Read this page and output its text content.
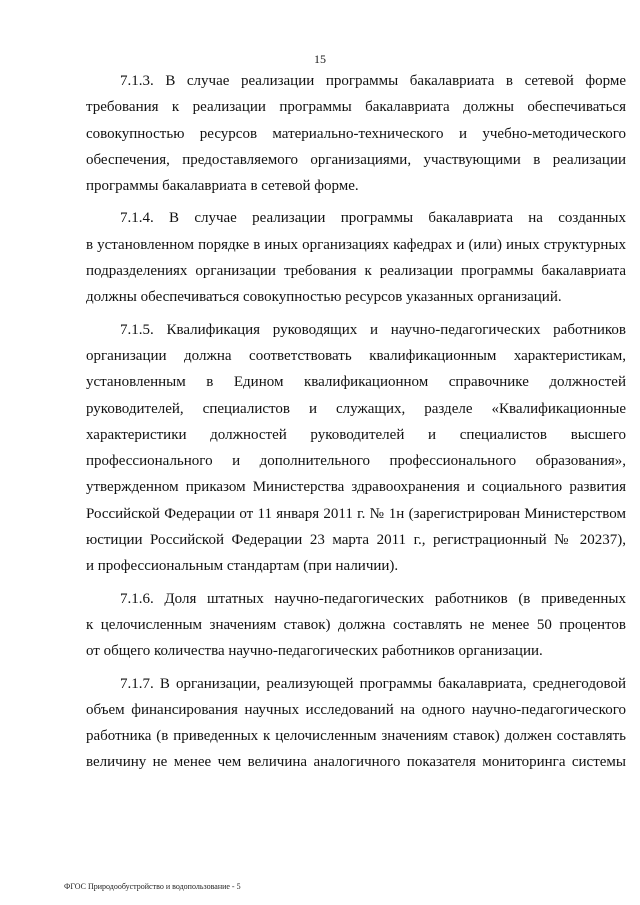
15
7.1.3. В случае реализации программы бакалавриата в сетевой форме
требования к реализации программы бакалавриата должны обеспечиваться
совокупностью ресурсов материально-технического и учебно-методического
обеспечения, предоставляемого организациями, участвующими в реализации
программы бакалавриата в сетевой форме.
7.1.4. В случае реализации программы бакалавриата на созданных
в установленном порядке в иных организациях кафедрах и (или) иных структурных
подразделениях организации требования к реализации программы бакалавриата
должны обеспечиваться совокупностью ресурсов указанных организаций.
7.1.5. Квалификация руководящих и научно-педагогических работников
организации должна соответствовать квалификационным характеристикам,
установленным в Едином квалификационном справочнике должностей
руководителей, специалистов и служащих, разделе «Квалификационные
характеристики должностей руководителей и специалистов высшего
профессионального и дополнительного профессионального образования»,
утвержденном приказом Министерства здравоохранения и социального развития
Российской Федерации от 11 января 2011 г. № 1н (зарегистрирован Министерством
юстиции Российской Федерации 23 марта 2011 г., регистрационный № 20237),
и профессиональным стандартам (при наличии).
7.1.6. Доля штатных научно-педагогических работников (в приведенных
к целочисленным значениям ставок) должна составлять не менее 50 процентов
от общего количества научно-педагогических работников организации.
7.1.7. В организации, реализующей программы бакалавриата, среднегодовой
объем финансирования научных исследований на одного научно-педагогического
работника (в приведенных к целочисленным значениям ставок) должен составлять
величину не менее чем величина аналогичного показателя мониторинга системы
ФГОС Природообустройство и водопользование - 5
